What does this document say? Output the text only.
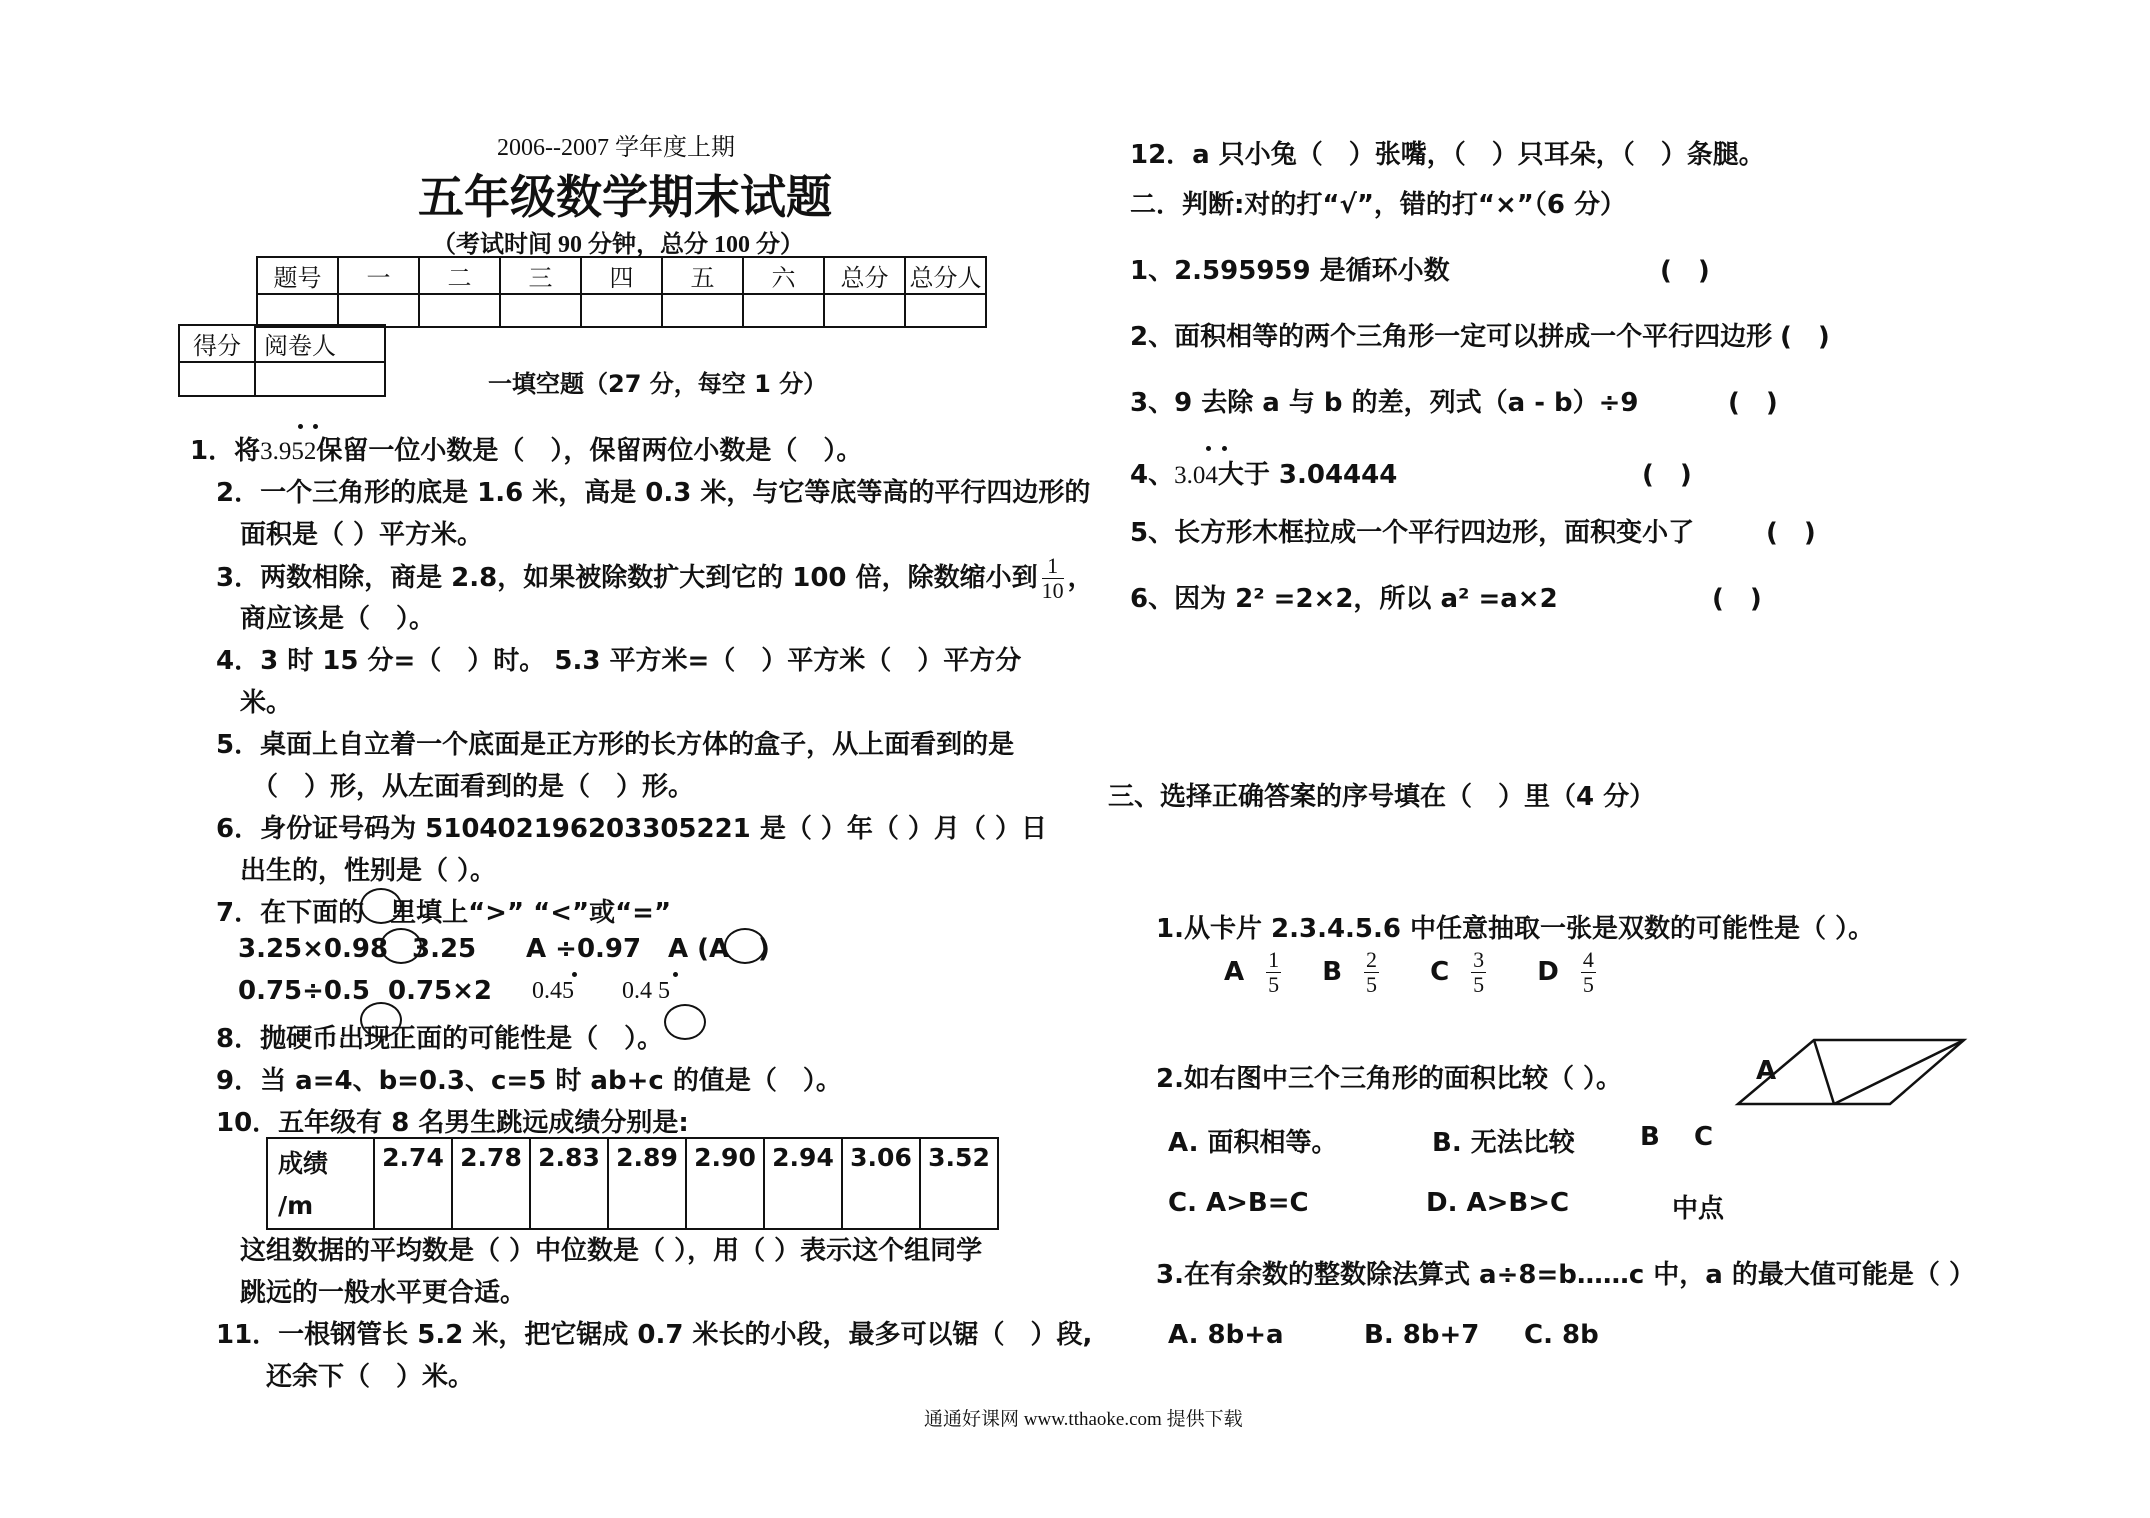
2006--2007 学年度上期
五年级数学期末试题
（考试时间 90 分钟，总分 100 分）
题号	一	二	三	四	五	六	总分	总分人

得分	阅卷人

一填空题（27 分，每空 1 分）
1．将3.952保留一位小数是（　），保留两位小数是（　）。
2．一个三角形的底是 1.6 米，高是 0.3 米，与它等底等高的平行四边形的
面积是（ ）平方米。
3．两数相除，商是 2.8，如果被除数扩大到它的 100 倍，除数缩小到 $\frac{1}{10}$ ，
商应该是（　）。
4．3 时 15 分=（　）时。 5.3 平方米=（　）平方米（　）平方分
米。
5．桌面上自立着一个底面是正方形的长方体的盒子，从上面看到的是
（　）形，从左面看到的是（　）形。
6．身份证号码为 510402196203305221 是（ ）年（ ）月（ ）日
出生的，性别是（ ）。
7．在下面的　里填上“>” “<”或“=”
3.25×0.98 3.25 A ÷0.97 A (A )
0.75÷0.5 0.75×2 0.45 0.4 5
8．抛硬币出现正面的可能性是（　）。
9．当 a=4、b=0.3、c=5 时 ab+c 的值是（　）。
10．五年级有 8 名男生跳远成绩分别是:
成绩
/m	2.74	2.78	2.83	2.89	2.90	2.94	3.06	3.52

这组数据的平均数是（ ）中位数是（ ），用（ ）表示这个组同学
跳远的一般水平更合适。
11．一根钢管长 5.2 米，把它锯成 0.7 米长的小段，最多可以锯（　）段,
还余下（　）米。
12．a 只小兔（　）张嘴，（　）只耳朵，（　）条腿。
二．判断:对的打“√”，错的打“×”（6 分）
1、2.595959 是循环小数	(　)
2、面积相等的两个三角形一定可以拼成一个平行四边形 (　)
3、9 去除 a 与 b 的差，列式（a - b）÷9	(　)
4、3.04大于 3.04444	(　)
5、长方形木框拉成一个平行四边形，面积变小了	(　)
6、因为 2² =2×2，所以 a² =a×2	(　)
三、选择正确答案的序号填在（　）里（4 分）
1.从卡片 2.3.4.5.6 中任意抽取一张是双数的可能性是（ ）。
A $\frac{1}{5}$ B $\frac{2}{5}$ C $\frac{3}{5}$ D $\frac{4}{5}$
2.如右图中三个三角形的面积比较（ ）。	A
A. 面积相等。	B. 无法比较	B C
C. A>B=C	D. A>B>C	中点
3.在有余数的整数除法算式 a÷8=b……c 中，a 的最大值可能是（ ）
A. 8b+a	B. 8b+7 C. 8b
通通好课网 www.tthaoke.com 提供下载
